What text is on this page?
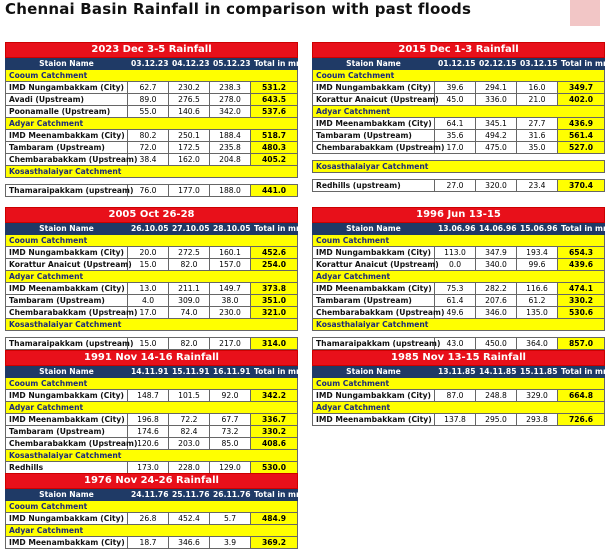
Chennai Basin Rainfall in comparison with past floods
2023 Dec 3-5 Rainfall				
Staion Name	03.12.23	04.12.23	05.12.23	Total in mm
Cooum Catchment				
IMD Nungambakkam (City)	62.7	230.2	238.3	531.2
Avadi (Upstream)	89.0	276.5	278.0	643.5
Poonamalle (Upstream)	55.0	140.6	342.0	537.6
Adyar Catchment				
IMD Meenambakkam (City)	80.2	250.1	188.4	518.7
Tambaram (Upstream)	72.0	172.5	235.8	480.3
Chembarabakkam (Upstream)	38.4	162.0	204.8	405.2
Kosasthalaiyar Catchment				

Thamaraipakkam (upstream)	76.0	177.0	188.0	441.0
2005 Oct 26-28				
Staion Name	26.10.05	27.10.05	28.10.05	Total in mm
Cooum Catchment				
IMD Nungambakkam (City)	20.0	272.5	160.1	452.6
Korattur Anaicut (Upstream)	15.0	82.0	157.0	254.0
Adyar Catchment				
IMD Meenambakkam (City)	13.0	211.1	149.7	373.8
Tambaram (Upstream)	4.0	309.0	38.0	351.0
Chembarabakkam (Upstream)	17.0	74.0	230.0	321.0
Kosasthalaiyar Catchment				

Thamaraipakkam (upstream)	15.0	82.0	217.0	314.0
1991 Nov 14-16 Rainfall				
Staion Name	14.11.91	15.11.91	16.11.91	Total in mm
Cooum Catchment				
IMD Nungambakkam (City)	148.7	101.5	92.0	342.2
Adyar Catchment				
IMD Meenambakkam (City)	196.8	72.2	67.7	336.7
Tambaram (Upstream)	174.6	82.4	73.2	330.2
Chembarabakkam (Upstream)	120.6	203.0	85.0	408.6
Kosasthalaiyar Catchment				
Redhills	173.0	228.0	129.0	530.0
1976 Nov 24-26 Rainfall				
Staion Name	24.11.76	25.11.76	26.11.76	Total in mm
Cooum Catchment				
IMD Nungambakkam (City)	26.8	452.4	5.7	484.9
Adyar Catchment				
IMD Meenambakkam (City)	18.7	346.6	3.9	369.2
2015 Dec 1-3 Rainfall				
Staion Name	01.12.15	02.12.15	03.12.15	Total in mm
Cooum Catchment				
IMD Nungambakkam (City)	39.6	294.1	16.0	349.7
Korattur Anaicut (Upstream)	45.0	336.0	21.0	402.0
Adyar Catchment				
IMD Meenambakkam (City)	64.1	345.1	27.7	436.9
Tambaram (Upstream)	35.6	494.2	31.6	561.4
Chembarabakkam (Upstream)	17.0	475.0	35.0	527.0

Kosasthalaiyar Catchment				

Redhills (upstream)	27.0	320.0	23.4	370.4
1996 Jun 13-15				
Staion Name	13.06.96	14.06.96	15.06.96	Total in mm
Coum Catchment				
IMD Nungambakkam (City)	113.0	347.9	193.4	654.3
Korattur Anaicut (Upstream)	0.0	340.0	99.6	439.6
Adyar Catchment				
IMD Meenambakkam (City)	75.3	282.2	116.6	474.1
Tambaram (Upstream)	61.4	207.6	61.2	330.2
Chembarabakkam (Upstream)	49.6	346.0	135.0	530.6
Kosasthalaiyar Catchment				

Thamaraipakkam (upstream)	43.0	450.0	364.0	857.0
1985 Nov 13-15 Rainfall				
Staion Name	13.11.85	14.11.85	15.11.85	Total in mm
Coum Catchment				
IMD Nungambakkam (City)	87.0	248.8	329.0	664.8
Adyar Catchment				
IMD Meenambakkam (City)	137.8	295.0	293.8	726.6
